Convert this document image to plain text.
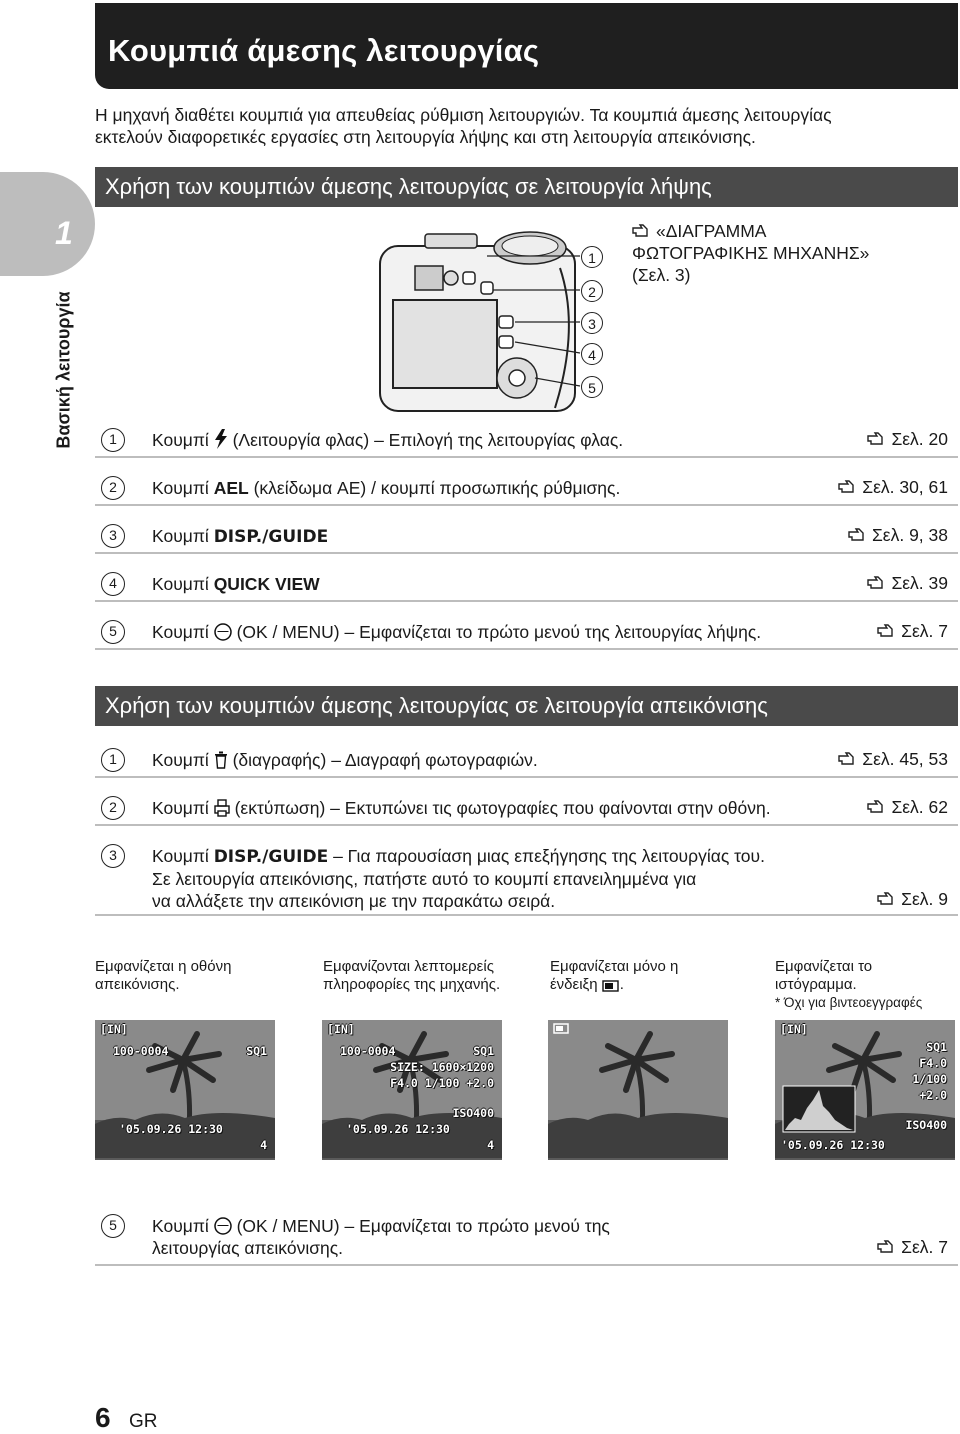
Κουμπιά άμεσης λειτουργίας
Η μηχανή διαθέτει κουμπιά για απευθείας ρύθμιση λειτουργιών. Τα κουμπιά άμεσης λειτουργίας
εκτελούν διαφορετικές εργασίες στη λειτουργία λήψης και στη λειτουργία απεικόνισης.
1
Βασική λειτουργία
Χρήση των κουμπιών άμεσης λειτουργίας σε λειτουργία λήψης
1
2
3
4
5
«ΔΙΑΓΡΑΜΜΑ
ΦΩΤΟΓΡΑΦΙΚΗΣ ΜΗΧΑΝΗΣ»
(Σελ. 3)
1	Κουμπί (Λειτουργία φλας) – Επιλογή της λειτουργίας φλας.	Σελ. 20
2	Κουμπί AEL (κλείδωμα AE) / κουμπί προσωπικής ρύθμισης.	Σελ. 30, 61
3	Κουμπί DISP./GUIDE	Σελ. 9, 38
4	Κουμπί QUICK VIEW	Σελ. 39
5	Κουμπί (OK / MENU) – Εμφανίζεται το πρώτο μενού της λειτουργίας λήψης.	Σελ. 7
Χρήση των κουμπιών άμεσης λειτουργίας σε λειτουργία απεικόνισης
1	Κουμπί (διαγραφής) – Διαγραφή φωτογραφιών.	Σελ. 45, 53
2	Κουμπί (εκτύπωση) – Εκτυπώνει τις φωτογραφίες που φαίνονται στην οθόνη.	Σελ. 62
3	Κουμπί DISP./GUIDE – Για παρουσίαση μιας επεξήγησης της λειτουργίας του.
Σε λειτουργία απεικόνισης, πατήστε αυτό το κουμπί επανειλημμένα για
να αλλάξετε την απεικόνιση με την παρακάτω σειρά.	Σελ. 9
Εμφανίζεται η οθόνη
απεικόνισης.
Εμφανίζονται λεπτομερείς
πληροφορίες της μηχανής.
Εμφανίζεται μόνο η
ένδειξη .
Εμφανίζεται το
ιστόγραμμα.
* Όχι για βιντεοεγγραφές
[IN]
100-0004	SQ1
'05.09.26 12:30
4
[IN]
100-0004	SQ1
SIZE: 1600×1200
F4.0 1/100 +2.0
ISO400
'05.09.26 12:30
4
[IN]
SQ1
F4.0
1/100
+2.0
ISO400
'05.09.26 12:30
5	Κουμπί (OK / MENU) – Εμφανίζεται το πρώτο μενού της
λειτουργίας απεικόνισης.	Σελ. 7
6 GR
